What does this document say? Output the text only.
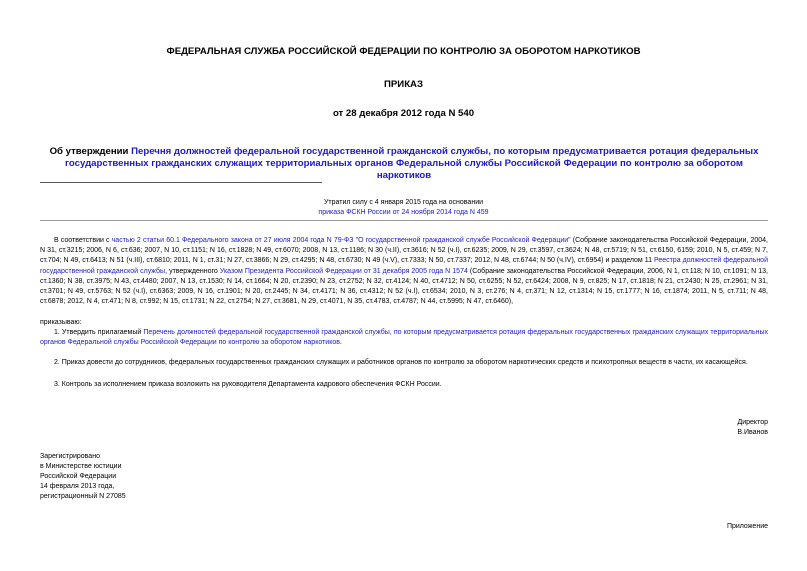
ФЕДЕРАЛЬНАЯ СЛУЖБА РОССИЙСКОЙ ФЕДЕРАЦИИ ПО КОНТРОЛЮ ЗА ОБОРОТОМ НАРКОТИКОВ
ПРИКАЗ
от 28 декабря 2012 года N 540
Об утверждении Перечня должностей федеральной государственной гражданской службы, по которым предусматривается ротация федеральных государственных гражданских служащих территориальных органов Федеральной службы Российской Федерации по контролю за оборотом наркотиков
Утратил силу с 4 января 2015 года на основании
приказа ФСКН России от 24 ноября 2014 года N 459
В соответствии с частью 2 статьи 60.1 Федерального закона от 27 июля 2004 года N 79-ФЗ "О государственной гражданской службе Российской Федерации" (Собрание законодательства Российской Федерации, 2004, N 31, ст.3215; 2006, N 6, ст.636; 2007, N 10, ст.1151; N 16, ст.1828; N 49, ст.6070; 2008, N 13, ст.1186; N 30 (ч.II), ст.3616; N 52 (ч.I), ст.6235; 2009, N 29, ст.3597, ст.3624; N 48, ст.5719; N 51, ст.6150, 6159; 2010, N 5, ст.459; N 7, ст.704; N 49, ст.6413; N 51 (ч.III), ст.6810; 2011, N 1, ст.31; N 27, ст.3866; N 29, ст.4295; N 48, ст.6730; N 49 (ч.V), ст.7333; N 50, ст.7337; 2012, N 48, ст.6744; N 50 (ч.IV), ст.6954) и разделом 11 Реестра должностей федеральной государственной гражданской службы, утвержденного Указом Президента Российской Федерации от 31 декабря 2005 года N 1574 (Собрание законодательства Российской Федерации, 2006, N 1, ст.118; N 10, ст.1091; N 13, ст.1360; N 38, ст.3975; N 43, ст.4480; 2007, N 13, ст.1530; N 14, ст.1664; N 20, ст.2390; N 23, ст.2752; N 32, ст.4124; N 40, ст.4712; N 50, ст.6255; N 52, ст.6424; 2008, N 9, ст.825; N 17, ст.1818; N 21, ст.2430; N 25, ст.2961; N 31, ст.3701; N 49, ст.5763; N 52 (ч.I), ст.6363; 2009, N 16, ст.1901; N 20, ст.2445; N 34, ст.4171; N 36, ст.4312; N 52 (ч.I), ст.6534; 2010, N 3, ст.276; N 4, ст.371; N 12, ст.1314; N 15, ст.1777; N 16, ст.1874; 2011, N 5, ст.711; N 48, ст.6878; 2012, N 4, ст.471; N 8, ст.992; N 15, ст.1731; N 22, ст.2754; N 27, ст.3681, N 29, ст.4071, N 35, ст.4783, ст.4787; N 44, ст.5995; N 47, ст.6460),
приказываю:
1. Утвердить прилагаемый Перечень должностей федеральной государственной гражданской службы, по которым предусматривается ротация федеральных государственных гражданских служащих территориальных органов Федеральной службы Российской Федерации по контролю за оборотом наркотиков.
2. Приказ довести до сотрудников, федеральных государственных гражданских служащих и работников органов по контролю за оборотом наркотических средств и психотропных веществ в части, их касающейся.
3. Контроль за исполнением приказа возложить на руководителя Департамента кадрового обеспечения ФСКН России.
Директор
В.Иванов
Зарегистрировано
в Министерстве юстиции
Российской Федерации
14 февраля 2013 года,
регистрационный N 27085
Приложение
